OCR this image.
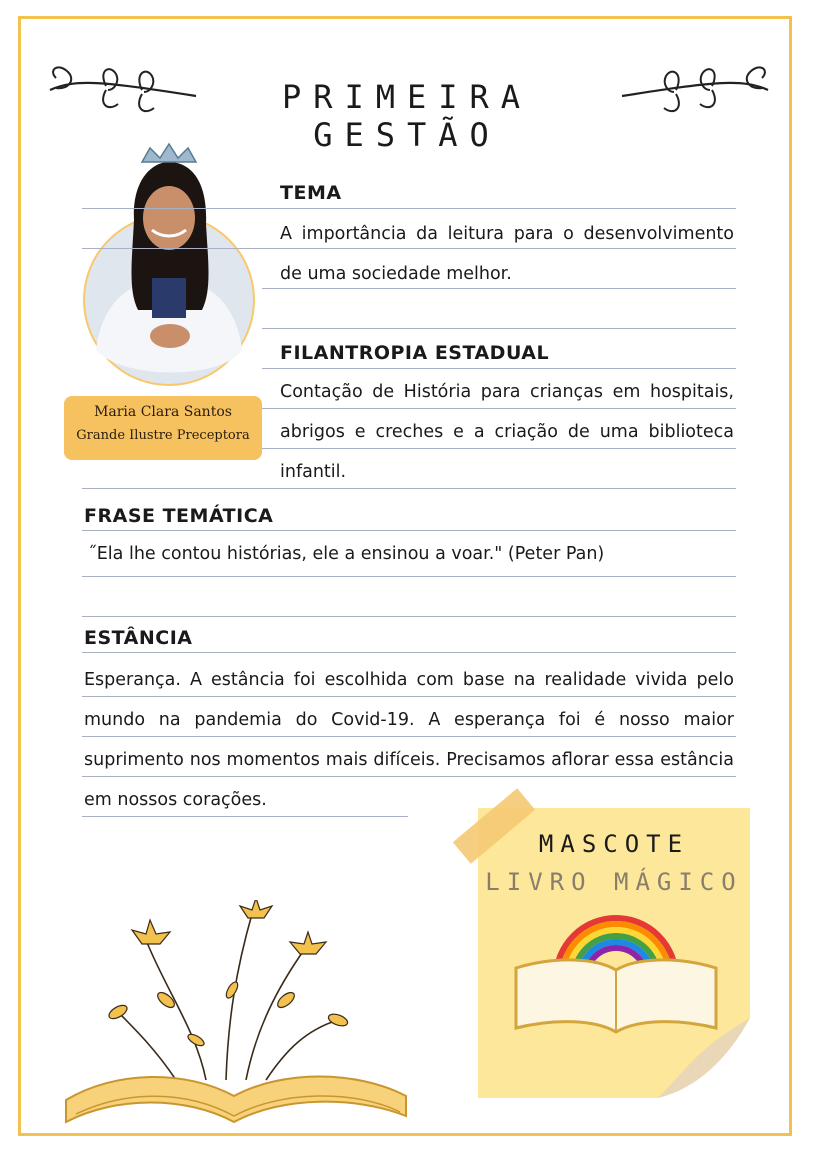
PRIMEIRA GESTÃO
Maria Clara Santos
Grande Ilustre Preceptora
TEMA
A importância da leitura para o desenvolvimento de uma sociedade melhor.
FILANTROPIA ESTADUAL
Contação de História para crianças em hospitais, abrigos e creches e a criação de uma biblioteca infantil.
FRASE TEMÁTICA
˝Ela lhe contou histórias, ele a ensinou a voar." (Peter Pan)
ESTÂNCIA
Esperança. A estância foi escolhida com base na realidade vivida pelo mundo na pandemia do Covid-19. A esperança foi é nosso maior suprimento nos momentos mais difíceis. Precisamos aflorar essa estância em nossos corações.
MASCOTE
LIVRO MÁGICO
